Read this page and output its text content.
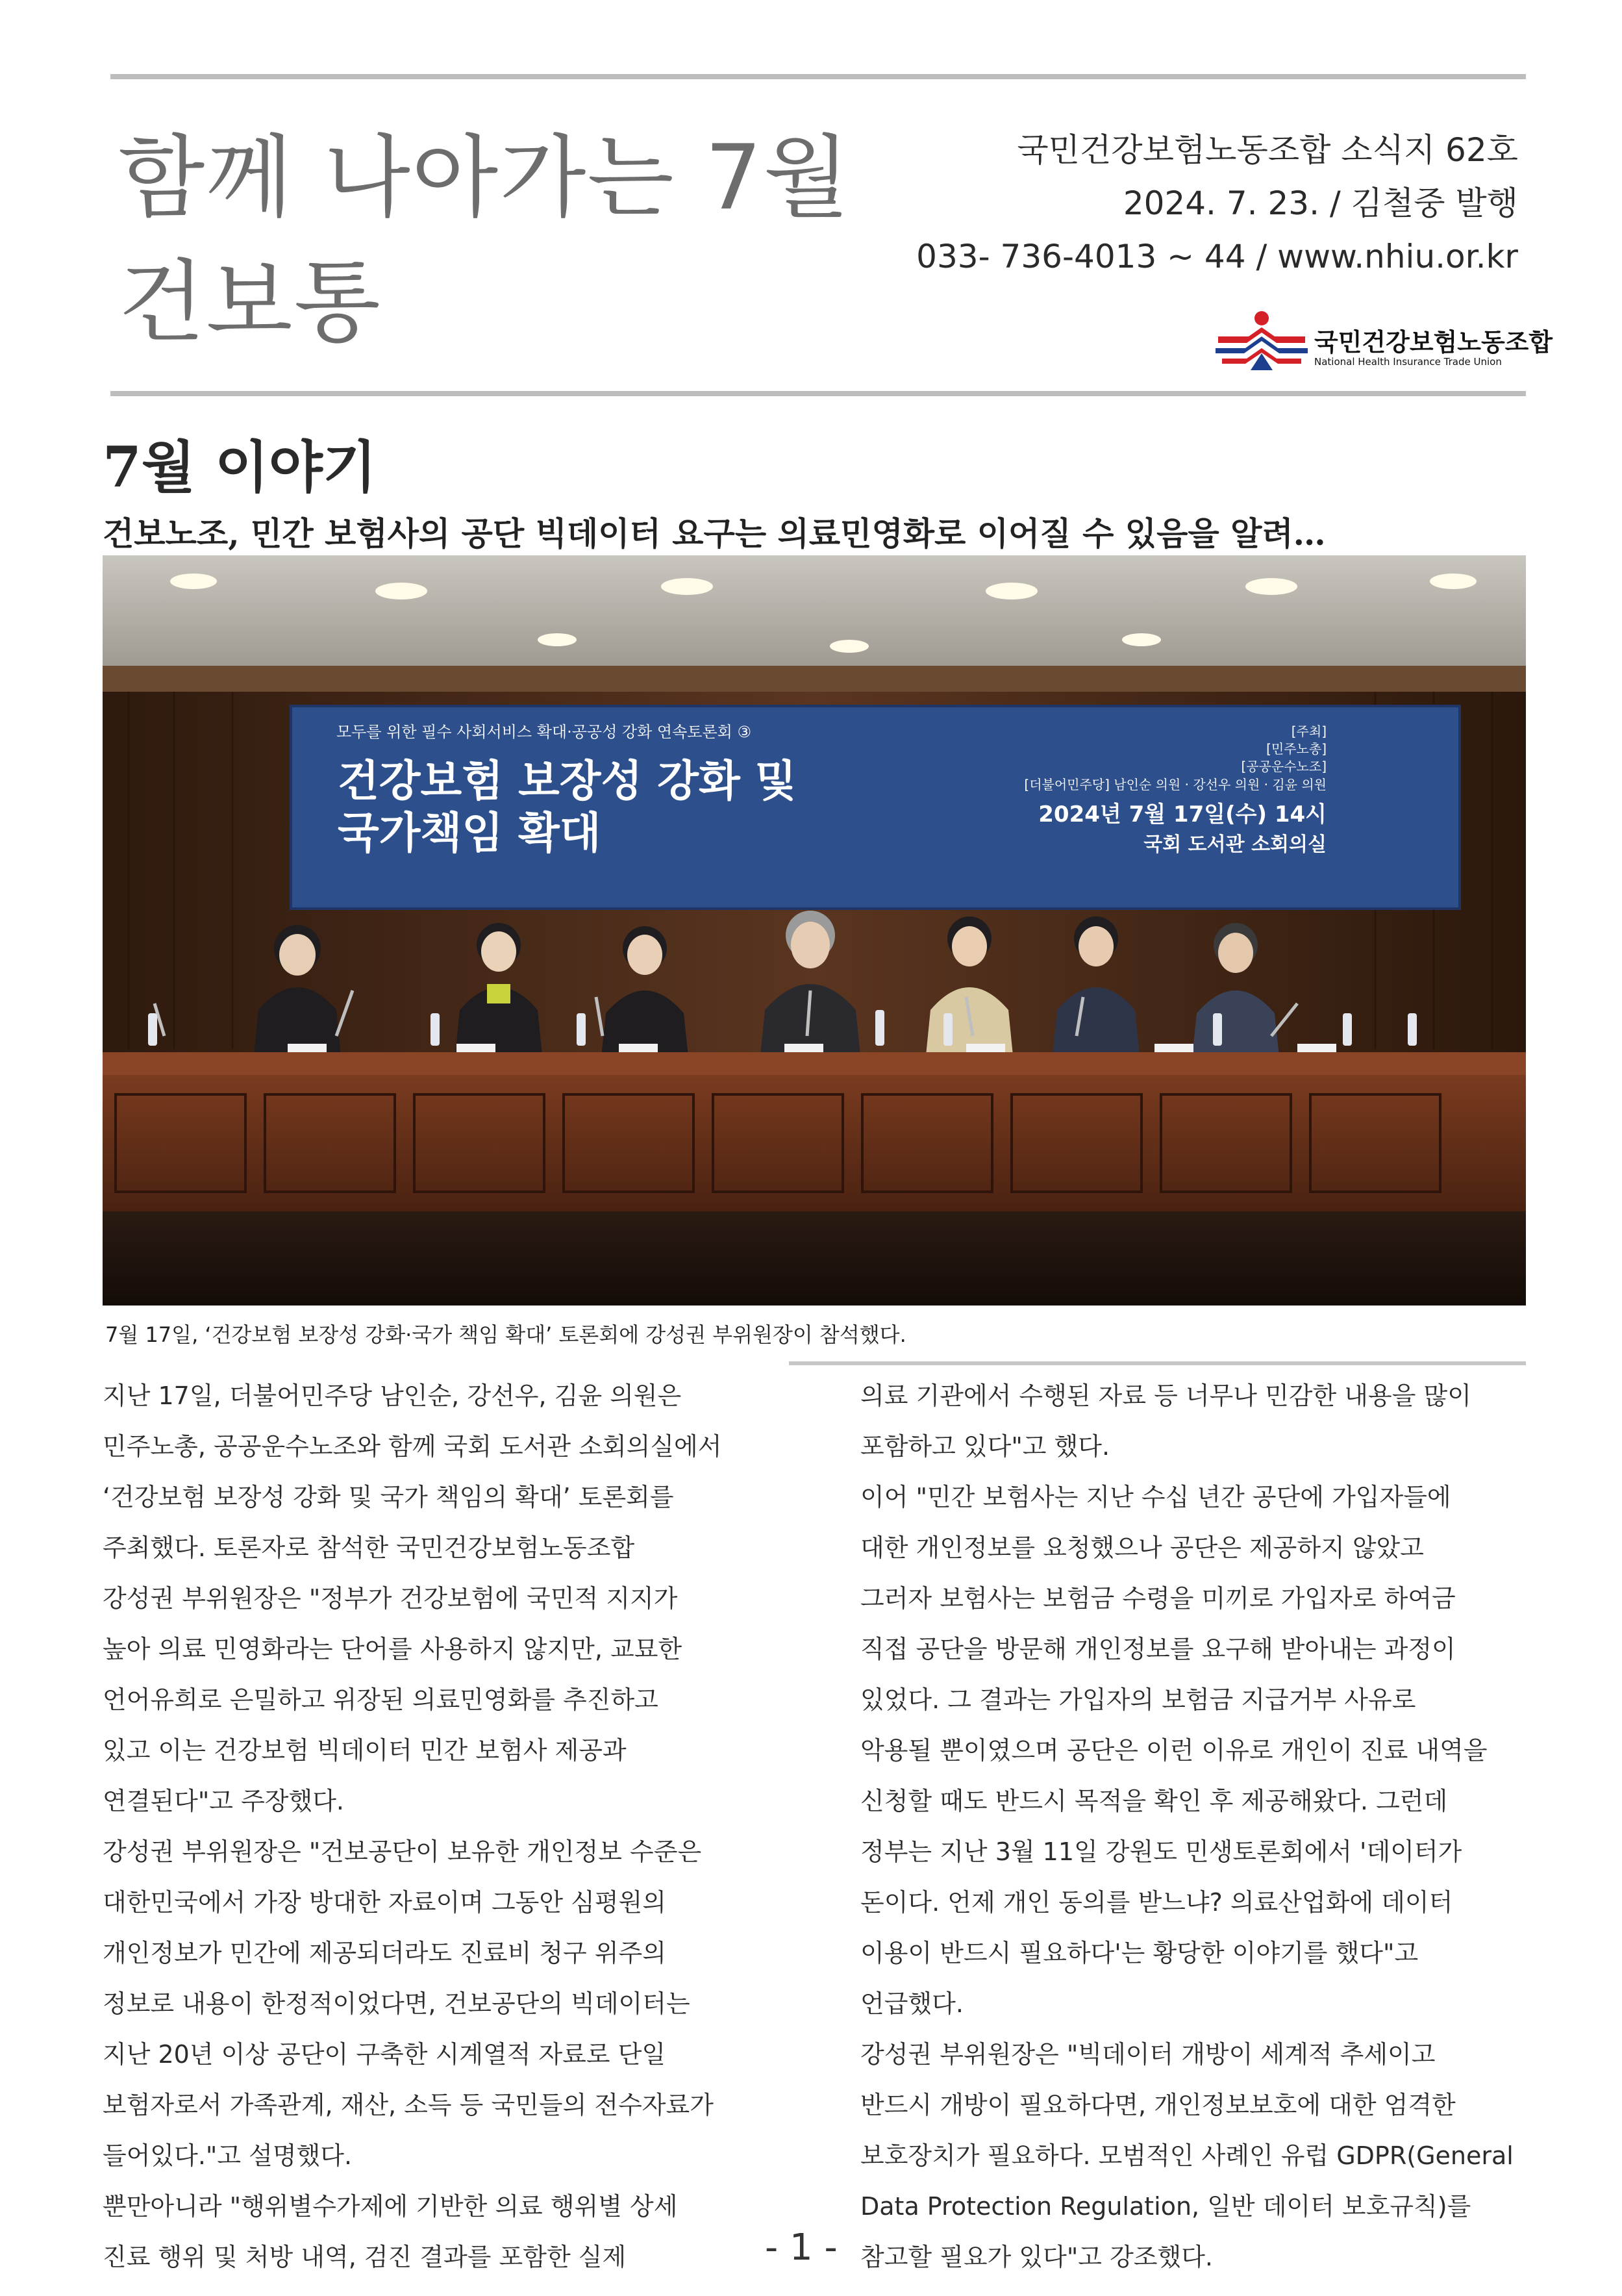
함께 나아가는 7월
건보통
국민건강보험노동조합 소식지 62호
2024. 7. 23. / 김철중 발행
033- 736-4013 ~ 44 / www.nhiu.or.kr
국민건강보험노동조합
National Health Insurance Trade Union
7월 이야기
건보노조, 민간 보험사의 공단 빅데이터 요구는 의료민영화로 이어질 수 있음을 알려…
모두를 위한 필수 사회서비스 확대·공공성 강화 연속토론회 ③
건강보험 보장성 강화 및
국가책임 확대
[주최]
[민주노총]
[공공운수노조]
[더불어민주당] 남인순 의원 · 강선우 의원 · 김윤 의원
2024년 7월 17일(수) 14시
국회 도서관 소회의실
7월 17일, ‘건강보험 보장성 강화·국가 책임 확대’ 토론회에 강성권 부위원장이 참석했다.
지난 17일, 더불어민주당 남인순, 강선우, 김윤 의원은
민주노총, 공공운수노조와 함께 국회 도서관 소회의실에서
‘건강보험 보장성 강화 및 국가 책임의 확대’ 토론회를
주최했다. 토론자로 참석한 국민건강보험노동조합
강성권 부위원장은 "정부가 건강보험에 국민적 지지가
높아 의료 민영화라는 단어를 사용하지 않지만, 교묘한
언어유희로 은밀하고 위장된 의료민영화를 추진하고
있고 이는 건강보험 빅데이터 민간 보험사 제공과
연결된다"고 주장했다.
강성권 부위원장은 "건보공단이 보유한 개인정보 수준은
대한민국에서 가장 방대한 자료이며 그동안 심평원의
개인정보가 민간에 제공되더라도 진료비 청구 위주의
정보로 내용이 한정적이었다면, 건보공단의 빅데이터는
지난 20년 이상 공단이 구축한 시계열적 자료로 단일
보험자로서 가족관계, 재산, 소득 등 국민들의 전수자료가
들어있다."고 설명했다.
뿐만아니라 "행위별수가제에 기반한 의료 행위별 상세
진료 행위 및 처방 내역, 검진 결과를 포함한 실제
의료 기관에서 수행된 자료 등 너무나 민감한 내용을 많이
포함하고 있다"고 했다.
이어 "민간 보험사는 지난 수십 년간 공단에 가입자들에
대한 개인정보를 요청했으나 공단은 제공하지 않았고
그러자 보험사는 보험금 수령을 미끼로 가입자로 하여금
직접 공단을 방문해 개인정보를 요구해 받아내는 과정이
있었다. 그 결과는 가입자의 보험금 지급거부 사유로
악용될 뿐이였으며 공단은 이런 이유로 개인이 진료 내역을
신청할 때도 반드시 목적을 확인 후 제공해왔다. 그런데
정부는 지난 3월 11일 강원도 민생토론회에서 '데이터가
돈이다. 언제 개인 동의를 받느냐? 의료산업화에 데이터
이용이 반드시 필요하다'는 황당한 이야기를 했다"고
언급했다.
강성권 부위원장은 "빅데이터 개방이 세계적 추세이고
반드시 개방이 필요하다면, 개인정보보호에 대한 엄격한
보호장치가 필요하다. 모범적인 사례인 유럽 GDPR(General
Data Protection Regulation, 일반 데이터 보호규칙)를
참고할 필요가 있다"고 강조했다.
- 1 -
